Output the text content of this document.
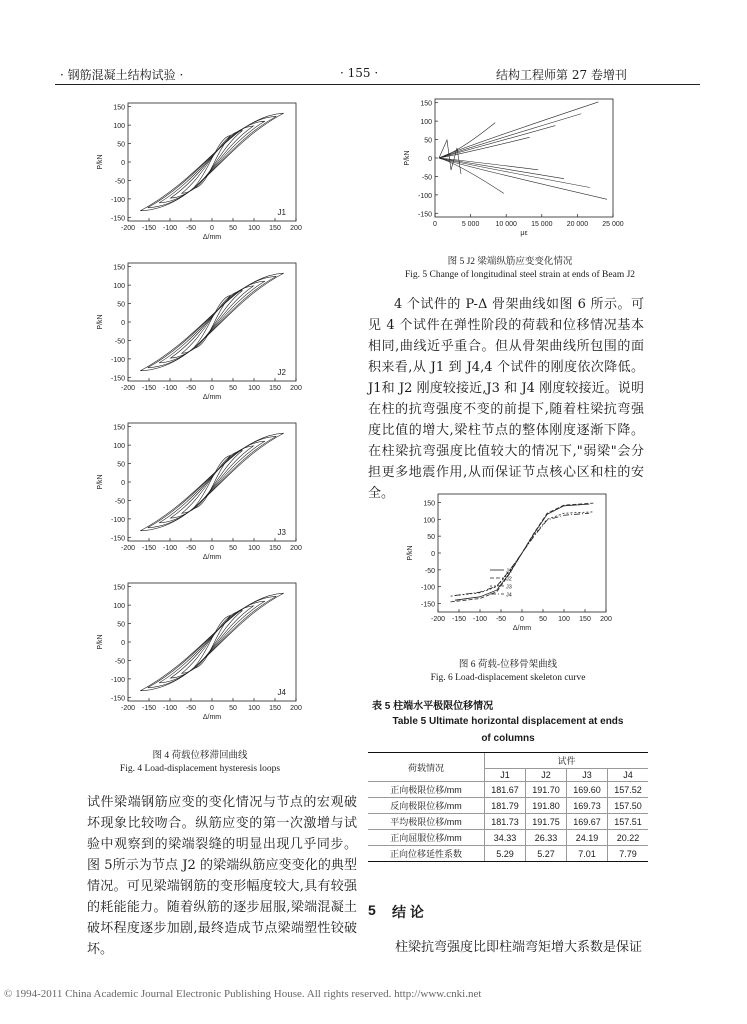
· 钢筋混凝土结构试验 ·	· 155 ·	结构工程师第 27 卷增刊
150
100
50
0
-50
-100
-150
-200 -150 -100 -50 0 50 100 150 200
P/kN
Δ/mm
J1
150
100
50
0
-50
-100
-150
-200 -150 -100 -50 0 50 100 150 200
P/kN
Δ/mm
J2
150
100
50
0
-50
-100
-150
-200 -150 -100 -50 0 50 100 150 200
P/kN
Δ/mm
J3
150
100
50
0
-50
-100
-150
-200 -150 -100 -50 0 50 100 150 200
P/kN
Δ/mm
J4
图 4 荷载位移滞回曲线
Fig. 4 Load-displacement hysteresis loops

试件梁端钢筋应变的变化情况与节点的宏观破坏现象比较吻合。纵筋应变的第一次激增与试验中观察到的梁端裂缝的明显出现几乎同步。图 5所示为节点 J2 的梁端纵筋应变变化的典型情况。可见梁端钢筋的变形幅度较大,具有较强的耗能能力。随着纵筋的逐步屈服,梁端混凝土破坏程度逐步加剧,最终造成节点梁端塑性铰破坏。

150
100
50
0
-50
-100
-150
0	5 000 10 000 15 000 20 000 25 000
P/kN
με
图 5 J2 梁端纵筋应变变化情况
Fig. 5 Change of longitudinal steel strain at ends of Beam J2
4 个试件的 P-Δ 骨架曲线如图 6 所示。可见 4 个试件在弹性阶段的荷载和位移情况基本相同,曲线近乎重合。但从骨架曲线所包围的面积来看,从 J1 到 J4,4 个试件的刚度依次降低。J1和 J2 刚度较接近,J3 和 J4 刚度较接近。说明在柱的抗弯强度不变的前提下,随着柱梁抗弯强度比值的增大,梁柱节点的整体刚度逐渐下降。在柱梁抗弯强度比值较大的情况下,"弱梁"会分担更多地震作用,从而保证节点核心区和柱的安全。
150
100
50
0
-50
-100
-150
-200 -150 -100 -50 0 50 100 150 200
P/kN
Δ/mm
J1
J2
J3
J4
图 6 荷载-位移骨架曲线
Fig. 6 Load-displacement skeleton curve
表 5 柱端水平极限位移情况
Table 5 Ultimate horizontal displacement at ends
of columns
荷载情况	试件			
	J1	J2	J3	J4
正向极限位移/mm	181.67	191.70	169.60	157.52
反向极限位移/mm	181.79	191.80	169.73	157.50
平均极限位移/mm	181.73	191.75	169.67	157.51
正向屈服位移/mm	34.33	26.33	24.19	20.22
正向位移延性系数	5.29	5.27	7.01	7.79
5 结 论
柱梁抗弯强度比即柱端弯矩增大系数是保证
© 1994-2011 China Academic Journal Electronic Publishing House. All rights reserved. http://www.cnki.net
